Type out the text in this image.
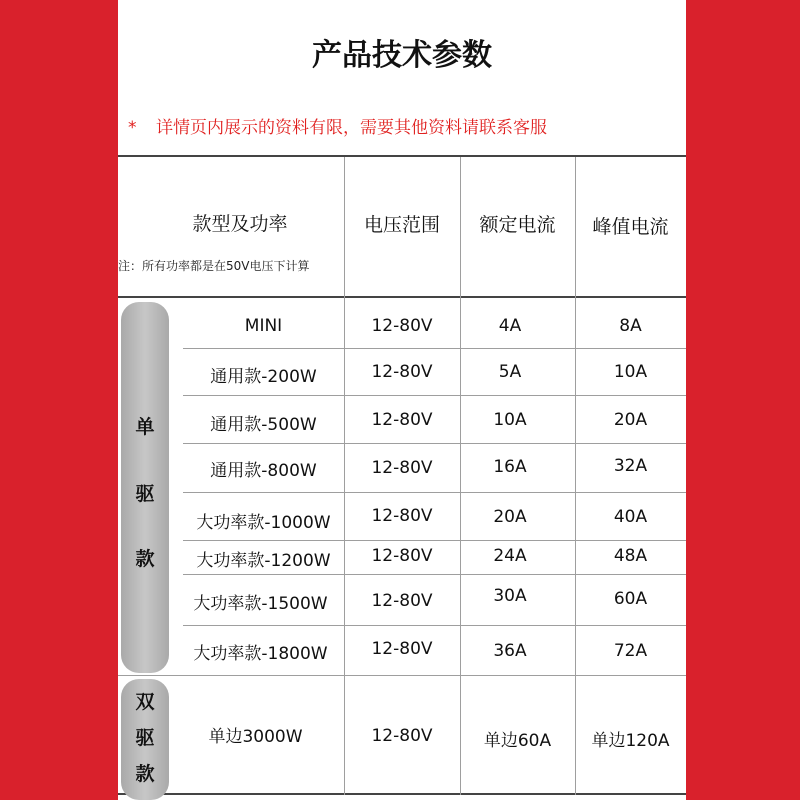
产品技术参数
* 详情页内展示的资料有限，需要其他资料请联系客服
款型及功率
注：所有功率都是在50V电压下计算
电压范围	额定电流	峰值电流
单
驱
款
双
驱
款
MINI	12-80V	4A	8A
通用款-200W	12-80V	5A	10A
通用款-500W	12-80V	10A	20A
通用款-800W	12-80V	16A	32A
大功率款-1000W	12-80V	20A	40A
大功率款-1200W	12-80V	24A	48A
大功率款-1500W	12-80V	30A	60A
大功率款-1800W	12-80V	36A	72A
单边3000W	12-80V	单边60A	单边120A
